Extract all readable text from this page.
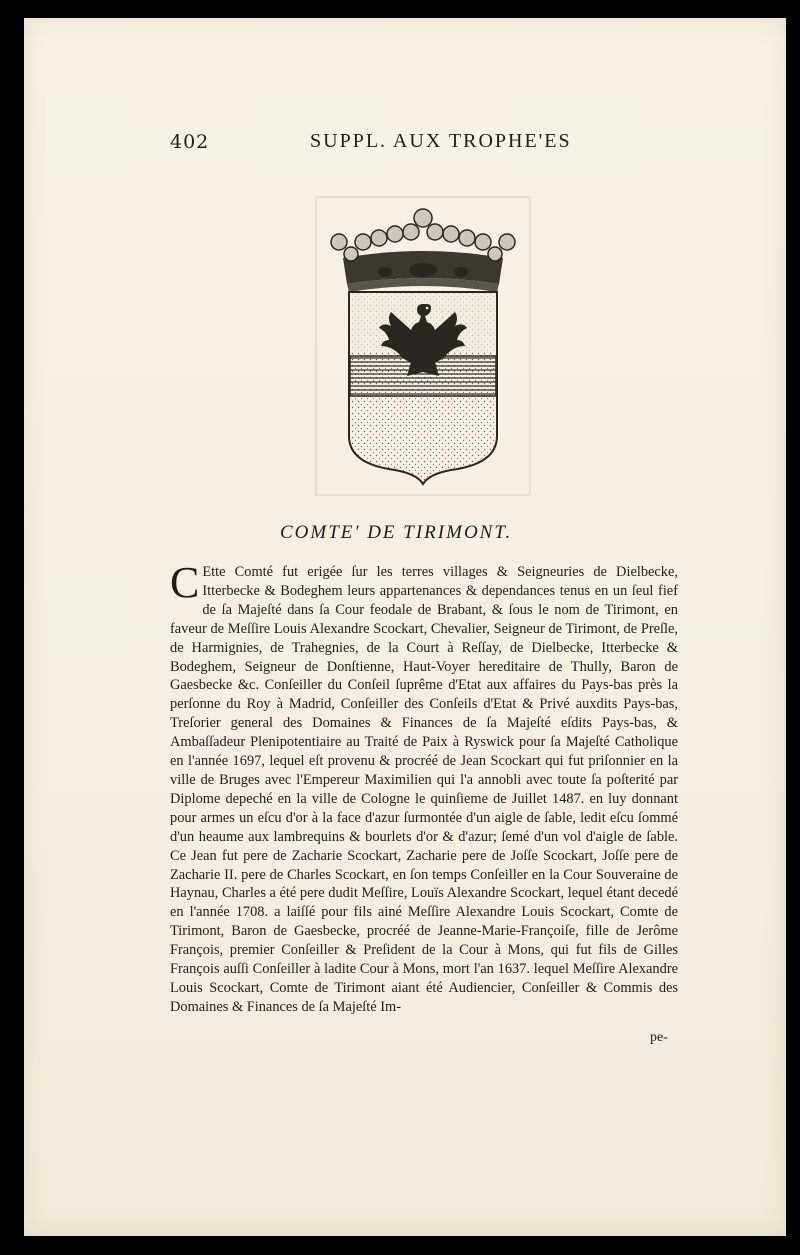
402	SUPPL. AUX TROPHE'ES
COMTE' DE TIRIMONT.
C Ette Comté fut erigée ſur les terres villages & Seigneuries de Dielbecke, Itterbecke & Bodeghem leurs appartenances & dependances tenus en un ſeul fief de ſa Majeſté dans ſa Cour feodale de Brabant, & ſous le nom de Tirimont, en faveur de Meſſire Louis Alexandre Scockart, Chevalier, Seigneur de Tirimont, de Preſle, de Harmignies, de Trahegnies, de la Court à Reſſay, de Dielbecke, Itterbecke & Bodeghem, Seigneur de Donſtienne, Haut-Voyer hereditaire de Thully, Baron de Gaesbecke &c. Conſeiller du Conſeil ſuprême d'Etat aux affaires du Pays-bas près la perſonne du Roy à Madrid, Conſeiller des Conſeils d'Etat & Privé auxdits Pays-bas, Treſorier general des Domaines & Finances de ſa Majeſté eſdits Pays-bas, & Ambaſſadeur Plenipotentiaire au Traité de Paix à Ryswick pour ſa Majeſté Catholique en l'année 1697, lequel eſt provenu & procréé de Jean Scockart qui fut priſonnier en la ville de Bruges avec l'Empereur Maximilien qui l'a annobli avec toute ſa poſterité par Diplome depeché en la ville de Cologne le quinſieme de Juillet 1487. en luy donnant pour armes un eſcu d'or à la face d'azur ſurmontée d'un aigle de ſable, ledit eſcu ſommé d'un heaume aux lambrequins & bourlets d'or & d'azur; ſemé d'un vol d'aigle de ſable. Ce Jean fut pere de Zacharie Scockart, Zacharie pere de Joſſe Scockart, Joſſe pere de Zacharie II. pere de Charles Scockart, en ſon temps Conſeiller en la Cour Souveraine de Haynau, Charles a été pere dudit Meſſire, Louïs Alexandre Scockart, lequel étant decedé en l'année 1708. a laiſſé pour fils ainé Meſſire Alexandre Louis Scockart, Comte de Tirimont, Baron de Gaesbecke, procréé de Jeanne-Marie-Françoiſe, fille de Jerôme François, premier Conſeiller & Preſident de la Cour à Mons, qui fut fils de Gilles François auſſi Conſeiller à ladite Cour à Mons, mort l'an 1637. lequel Meſſire Alexandre Louis Scockart, Comte de Tirimont aiant été Audiencier, Conſeiller & Commis des Domaines & Finances de ſa Majeſté Im-
pe-
